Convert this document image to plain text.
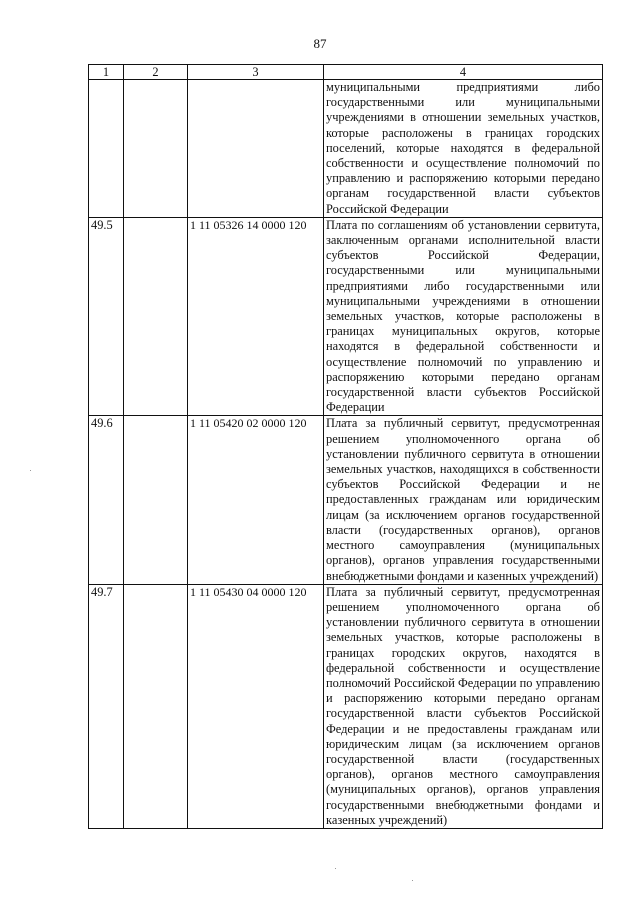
87
1	2	3	4
			муниципальными предприятиями либо государственными или муниципальными учреждениями в отношении земельных участков, которые расположены в границах городских поселений, которые находятся в федеральной собственности и осуществление полномочий по управлению и распоряжению которыми передано органам государственной власти субъектов Российской Федерации
49.5		1 11 05326 14 0000 120	Плата по соглашениям об установлении сервитута, заключенным органами исполнительной власти субъектов Российской Федерации, государственными или муниципальными предприятиями либо государственными или муниципальными учреждениями в отношении земельных участков, которые расположены в границах муниципальных округов, которые находятся в федеральной собственности и осуществление полномочий по управлению и распоряжению которыми передано органам государственной власти субъектов Российской Федерации
49.6		1 11 05420 02 0000 120	Плата за публичный сервитут, предусмотренная решением уполномоченного органа об установлении публичного сервитута в отношении земельных участков, находящихся в собственности субъектов Российской Федерации и не предоставленных гражданам или юридическим лицам (за исключением органов государственной власти (государственных органов), органов местного самоуправления (муниципальных органов), органов управления государственными внебюджетными фондами и казенных учреждений)
49.7		1 11 05430 04 0000 120	Плата за публичный сервитут, предусмотренная решением уполномоченного органа об установлении публичного сервитута в отношении земельных участков, которые расположены в границах городских округов, находятся в федеральной собственности и осуществление полномочий Российской Федерации по управлению и распоряжению которыми передано органам государственной власти субъектов Российской Федерации и не предоставлены гражданам или юридическим лицам (за исключением органов государственной власти (государственных органов), органов местного самоуправления (муниципальных органов), органов управления государственными внебюджетными фондами и казенных учреждений)
